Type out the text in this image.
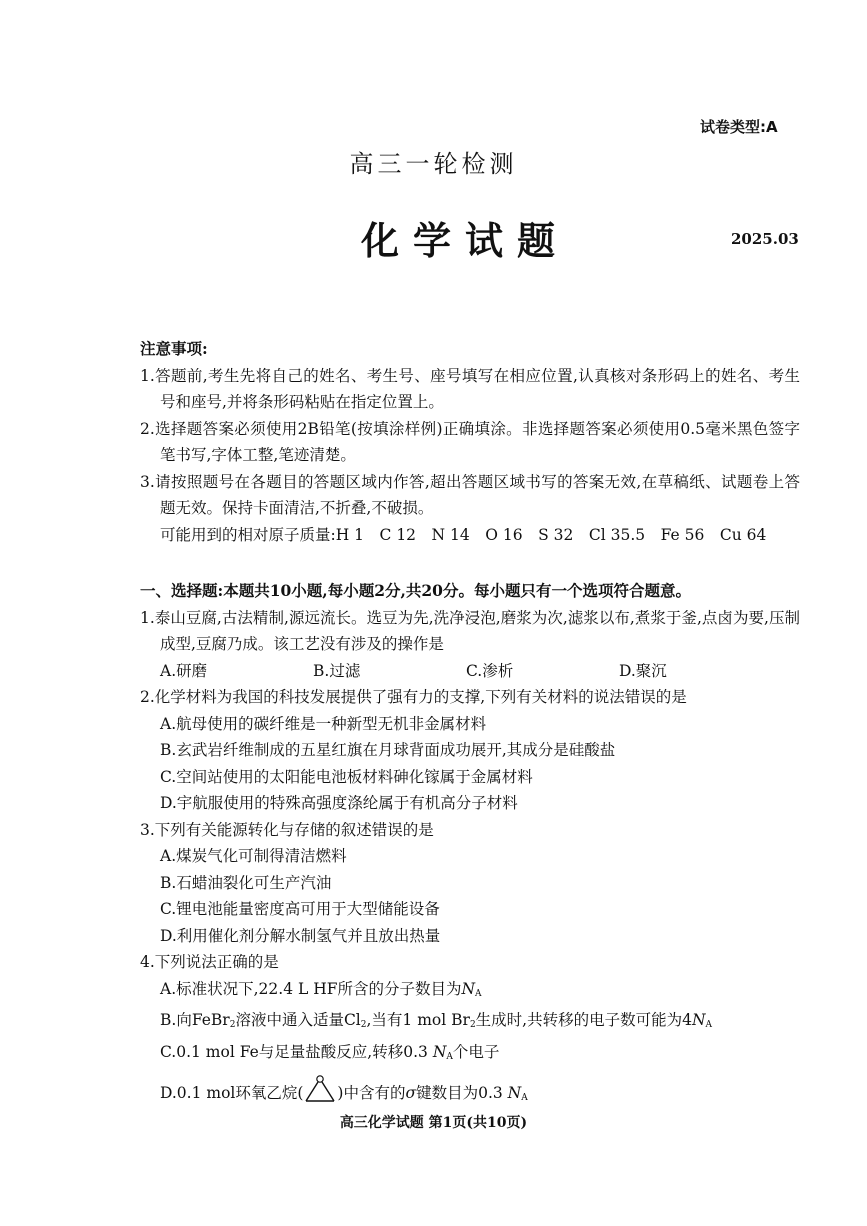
试卷类型:A
高三一轮检测
化学试题	2025.03
注意事项:
1.答题前,考生先将自己的姓名、考生号、座号填写在相应位置,认真核对条形码上的姓名、考生号和座号,并将条形码粘贴在指定位置上。
2.选择题答案必须使用2B铅笔(按填涂样例)正确填涂。非选择题答案必须使用0.5毫米黑色签字笔书写,字体工整,笔迹清楚。
3.请按照题号在各题目的答题区域内作答,超出答题区域书写的答案无效,在草稿纸、试题卷上答题无效。保持卡面清洁,不折叠,不破损。
可能用到的相对原子质量:H 1　C 12　N 14　O 16　S 32　Cl 35.5　Fe 56　Cu 64
一、选择题:本题共10小题,每小题2分,共20分。每小题只有一个选项符合题意。
1.泰山豆腐,古法精制,源远流长。选豆为先,洗净浸泡,磨浆为次,滤浆以布,煮浆于釜,点卤为要,压制成型,豆腐乃成。该工艺没有涉及的操作是
A.研磨	B.过滤	C.渗析	D.聚沉
2.化学材料为我国的科技发展提供了强有力的支撑,下列有关材料的说法错误的是
A.航母使用的碳纤维是一种新型无机非金属材料
B.玄武岩纤维制成的五星红旗在月球背面成功展开,其成分是硅酸盐
C.空间站使用的太阳能电池板材料砷化镓属于金属材料
D.宇航服使用的特殊高强度涤纶属于有机高分子材料
3.下列有关能源转化与存储的叙述错误的是
A.煤炭气化可制得清洁燃料
B.石蜡油裂化可生产汽油
C.锂电池能量密度高可用于大型储能设备
D.利用催化剂分解水制氢气并且放出热量
4.下列说法正确的是
A.标准状况下,22.4 L HF所含的分子数目为$N_A$
B.向FeBr$_2$溶液中通入适量$Cl_2$,当有1 mol $Br_2$生成时,共转移的电子数可能为$4N_A$
C.0.1 mol Fe与足量盐酸反应,转移0.3 $N_A$个电子
D.0.1 mol环氧乙烷( )中含有的σ键数目为0.3 $N_A$
高三化学试题 第1页(共10页)
